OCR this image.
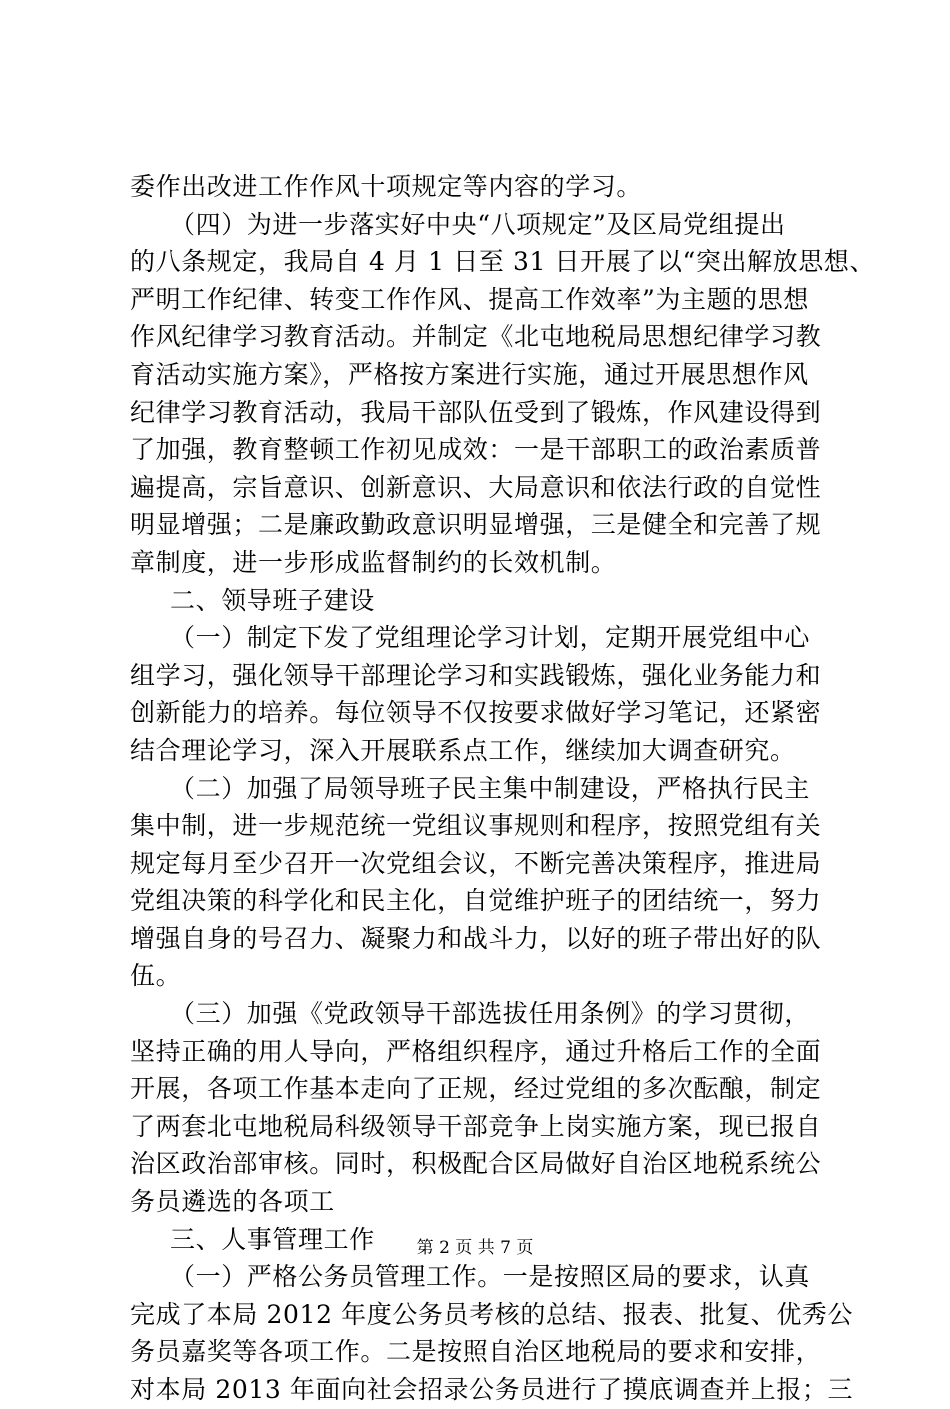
委作出改进工作作风十项规定等内容的学习。
（四）为进一步落实好中央“八项规定”及区局党组提出
的八条规定，我局自 4 月 1 日至 31 日开展了以“突出解放思想、
严明工作纪律、转变工作作风、提高工作效率”为主题的思想
作风纪律学习教育活动。并制定《北屯地税局思想纪律学习教
育活动实施方案》，严格按方案进行实施，通过开展思想作风
纪律学习教育活动，我局干部队伍受到了锻炼，作风建设得到
了加强，教育整顿工作初见成效：一是干部职工的政治素质普
遍提高，宗旨意识、创新意识、大局意识和依法行政的自觉性
明显增强；二是廉政勤政意识明显增强，三是健全和完善了规
章制度，进一步形成监督制约的长效机制。
二、领导班子建设
（一）制定下发了党组理论学习计划，定期开展党组中心
组学习，强化领导干部理论学习和实践锻炼，强化业务能力和
创新能力的培养。每位领导不仅按要求做好学习笔记，还紧密
结合理论学习，深入开展联系点工作，继续加大调查研究。
（二）加强了局领导班子民主集中制建设，严格执行民主
集中制，进一步规范统一党组议事规则和程序，按照党组有关
规定每月至少召开一次党组会议，不断完善决策程序，推进局
党组决策的科学化和民主化，自觉维护班子的团结统一，努力
增强自身的号召力、凝聚力和战斗力，以好的班子带出好的队
伍。
（三）加强《党政领导干部选拔任用条例》的学习贯彻，
坚持正确的用人导向，严格组织程序，通过升格后工作的全面
开展，各项工作基本走向了正规，经过党组的多次酝酿，制定
了两套北屯地税局科级领导干部竞争上岗实施方案，现已报自
治区政治部审核。同时，积极配合区局做好自治区地税系统公
务员遴选的各项工
三、人事管理工作
（一）严格公务员管理工作。一是按照区局的要求，认真
完成了本局 2012 年度公务员考核的总结、报表、批复、优秀公
务员嘉奖等各项工作。二是按照自治区地税局的要求和安排，
对本局 2013 年面向社会招录公务员进行了摸底调查并上报；三
第 2 页 共 7 页
